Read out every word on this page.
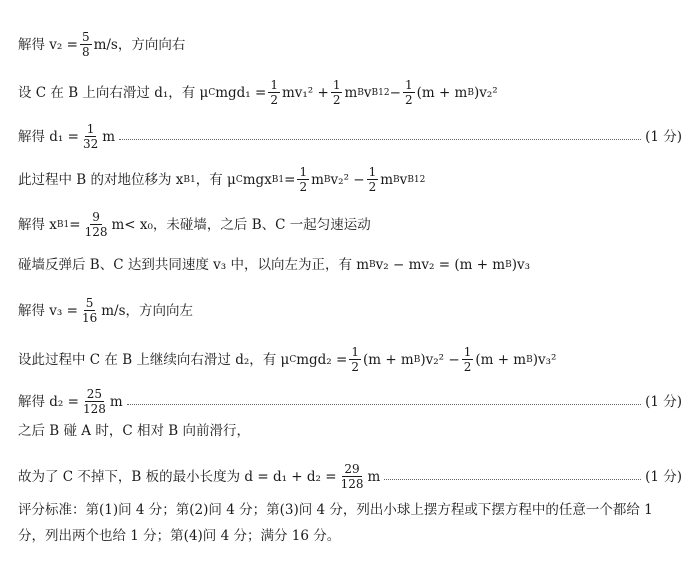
解得 $v_2 = \frac{5}{8} m/s$，方向向右
设 C 在 B 上向右滑过 d₁，有 μ C $mgd_1 = \frac{1}{2} mv_1^2 + \frac{1}{2}$ m B v B1 $2 - \frac{1}{2} (m + m$ B )v₂²
解得 $d_1 = \frac{1}{32}$ m	(1 分)
此过程中 B 的对地位移为 x B1 ，有 μ C mgx $B1 = \frac{1}{2}$ m B $v_2^2 - \frac{1}{2}$ m B v B1 2
解得 x $B1 = \frac{9}{128} m< x_0$，未碰墙，之后 B、C 一起匀速运动
碰墙反弹后 B、C 达到共同速度 v₃ 中，以向左为正，有 m B v₂ − mv₂ = (m + m B )v₃
解得 $v_3 = \frac{5}{16} m/s$，方向向左
设此过程中 C 在 B 上继续向右滑过 d₂，有 μ C $mgd_2 = \frac{1}{2} (m + m$ B )$v_2^2 - \frac{1}{2} (m + m$ B )v₃²
解得 $d_2 = \frac{25}{128}$ m	(1 分)
之后 B 碰 A 时，C 相对 B 向前滑行，
故为了 C 不掉下，B 板的最小长度为 $d = d_1 + d_2 = \frac{29}{128}$ m	(1 分)
评分标准：第(1)问 4 分；第(2)问 4 分；第(3)问 4 分，列出小球上摆方程或下摆方程中的任意一个都给 1 分，列出两个也给 1 分；第(4)问 4 分；满分 16 分。
